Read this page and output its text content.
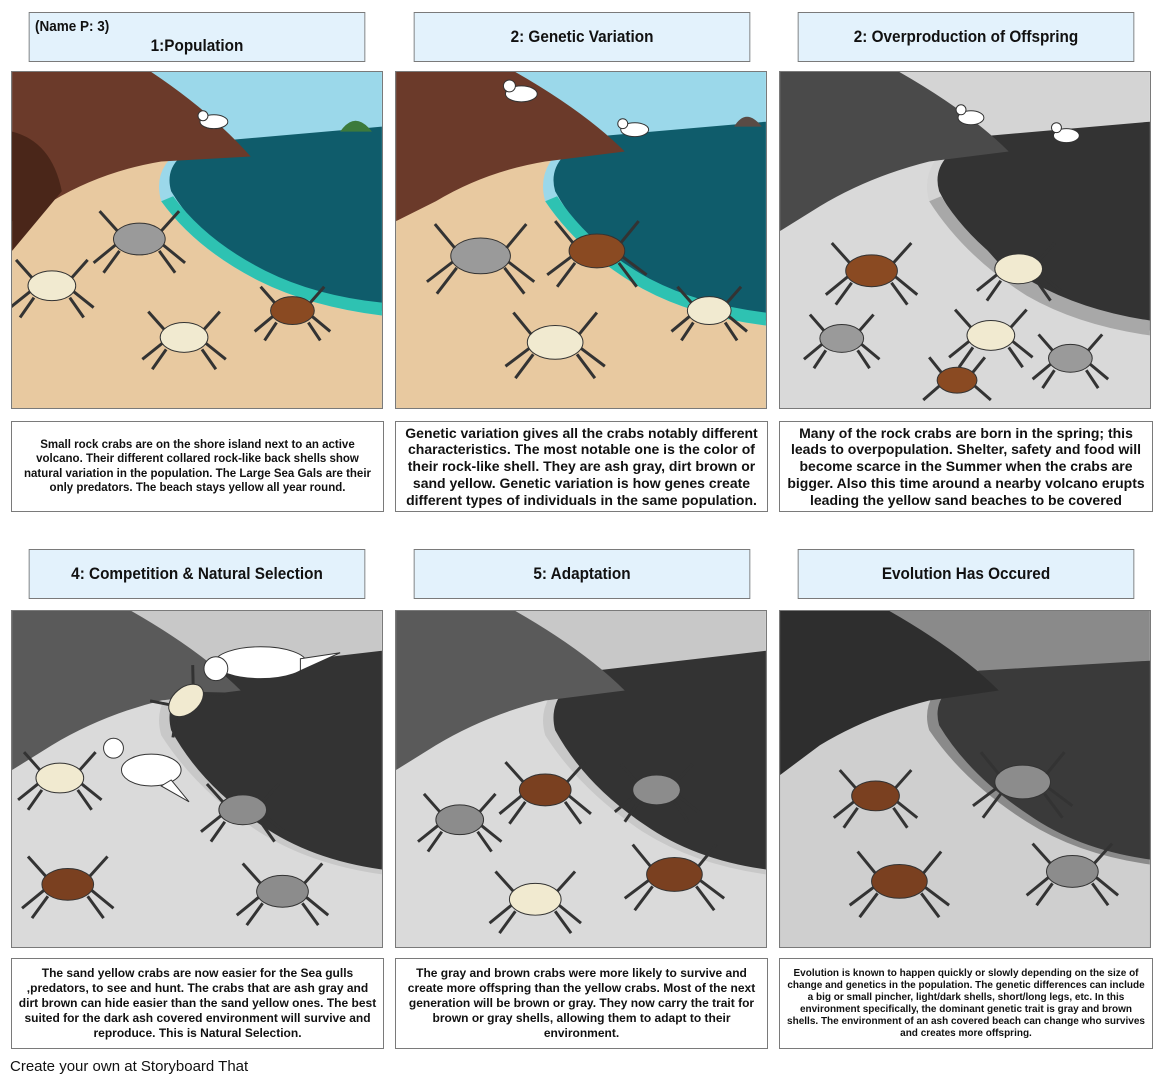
(Name P: 3)
1:Population	2: Genetic Variation	2: Overproduction of Offspring
Small rock crabs are on the shore island next to an active volcano. Their different collared rock-like back shells show natural variation in the population. The Large Sea Gals are their only predators. The beach stays yellow all year round.
Genetic variation gives all the crabs notably different characteristics. The most notable one is the color of their rock-like shell. They are ash gray, dirt brown or sand yellow. Genetic variation is how genes create different types of individuals in the same population.
Many of the rock crabs are born in the spring; this leads to overpopulation. Shelter, safety and food will become scarce in the Summer when the crabs are bigger. Also this time around a nearby volcano erupts leading the yellow sand beaches to be covered
4: Competition & Natural Selection	5: Adaptation	Evolution Has Occured
The sand yellow crabs are now easier for the Sea gulls ,predators, to see and hunt. The crabs that are ash gray and dirt brown can hide easier than the sand yellow ones. The best suited for the dark ash covered environment will survive and reproduce. This is Natural Selection.
The gray and brown crabs were more likely to survive and create more offspring than the yellow crabs. Most of the next generation will be brown or gray. They now carry the trait for brown or gray shells, allowing them to adapt to their environment.
Evolution is known to happen quickly or slowly depending on the size of change and genetics in the population. The genetic differences can include a big or small pincher, light/dark shells, short/long legs, etc. In this environment specifically, the dominant genetic trait is gray and brown shells. The environment of an ash covered beach can change who survives and creates more offspring.
Create your own at Storyboard That
